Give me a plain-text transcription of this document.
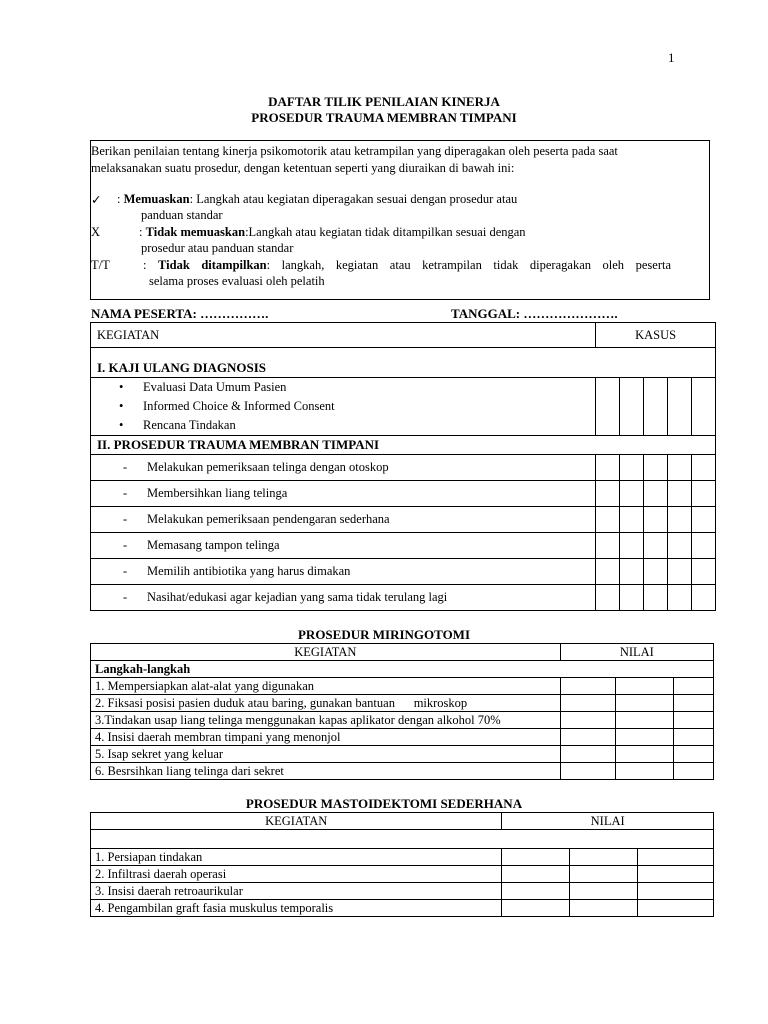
1
DAFTAR TILIK PENILAIAN KINERJA
PROSEDUR TRAUMA MEMBRAN TIMPANI
Berikan penilaian tentang kinerja psikomotorik atau ketrampilan yang diperagakan oleh peserta pada saat
melaksanakan suatu prosedur, dengan ketentuan seperti yang diuraikan di bawah ini:
✓ : Memuaskan: Langkah atau kegiatan diperagakan sesuai dengan prosedur atau
panduan standar
X	: Tidak memuaskan:Langkah atau kegiatan tidak ditampilkan sesuai dengan
prosedur atau panduan standar
T/T	: Tidak ditampilkan: langkah, kegiatan atau ketrampilan tidak diperagakan oleh peserta
selama proses evaluasi oleh pelatih
NAMA PESERTA: …………….	TANGGAL: ………………….
KEGIATAN	KASUS				
I. KAJI ULANG DIAGNOSIS					

• Evaluasi Data Umum Pasien
• Informed Choice & Informed Consent
• Rencana Tindakan

II. PROSEDUR TRAUMA MEMBRAN TIMPANI					
- Melakukan pemeriksaan telinga dengan otoskop					
- Membersihkan liang telinga					
- Melakukan pemeriksaan pendengaran sederhana					
- Memasang tampon telinga					
- Memilih antibiotika yang harus dimakan					
- Nasihat/edukasi agar kejadian yang sama tidak terulang lagi					
PROSEDUR MIRINGOTOMI
KEGIATAN	NILAI		
Langkah-langkah			
1. Mempersiapkan alat-alat yang digunakan			
2. Fiksasi posisi pasien duduk atau baring, gunakan bantuan      mikroskop			
3.Tindakan usap liang telinga menggunakan kapas aplikator dengan alkohol 70%			
4. Insisi daerah membran timpani yang menonjol			
5. Isap sekret yang keluar			
6. Besrsihkan liang telinga dari sekret			
PROSEDUR MASTOIDEKTOMI SEDERHANA
KEGIATAN	NILAI		

1. Persiapan tindakan			
2. Infiltrasi daerah operasi			
3. Insisi daerah retroaurikular			
4. Pengambilan graft fasia muskulus temporalis			
